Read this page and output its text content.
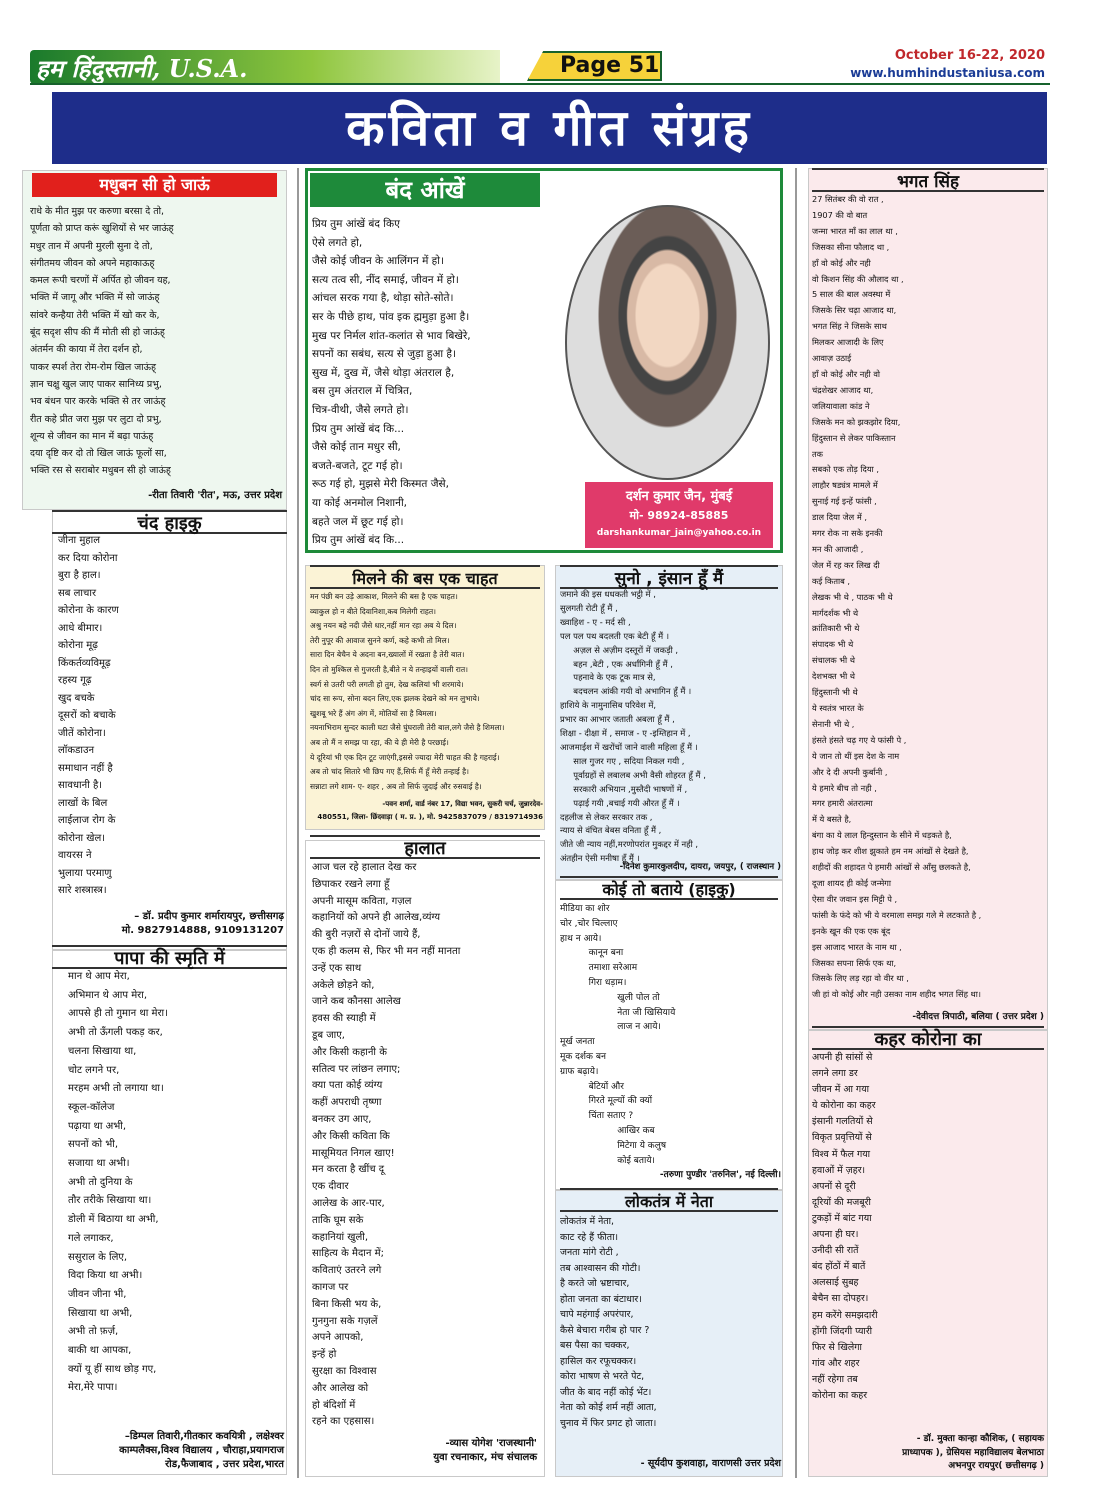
हम हिंदुस्तानी, U.S.A.	Page 51	October 16-22, 2020
www.humhindustaniusa.com
कविता व गीत संग्रह
मधुबन सी हो जाऊं
राधे के मीत मुझ पर करुणा बरसा दे तो,
पूर्णता को प्राप्त करूं खुशियों से भर जाऊंह्
मधुर तान में अपनी मुरली सुना दे तो,
संगीतमय जीवन को अपने महाकाऊह्
कमल रूपी चरणों में अर्पित हो जीवन यह,
भक्ति में जागू और भक्ति में सो जाऊंह्
सांवरे कन्हैया तेरी भक्ति में खो कर के,
बूंद सदृश सीप की मैं मोती सी हो जाऊंह्
अंतर्मन की काया में तेरा दर्शन हो,
पाकर स्पर्श तेरा रोम-रोम खिल जाऊंह्
ज्ञान चक्षु खुल जाए पाकर सानिध्य प्रभु,
भव बंधन पार करके भक्ति से तर जाऊंह्
रीत कहे प्रीत जरा मुझ पर लुटा दो प्रभु,
शून्य से जीवन का मान में बढ़ा पाऊंह्
दया दृष्टि कर दो तो खिल जाऊं फूलों सा,
भक्ति रस से सराबोर मधुबन सी हो जाऊंह्
-रीता तिवारी 'रीत', मऊ, उत्तर प्रदेश
चंद हाइकु
जीना मुहाल
कर दिया कोरोना
बुरा है हाल।
सब लाचार
कोरोना के कारण
आधे बीमार।
कोरोना मूढ़
किंकर्तव्यविमूढ़
रहस्य गूढ़
खुद बचके
दूसरों को बचाके
जीतें कोरोना।
लॉकडाउन
समाधान नहीं है
सावधानी है।
लाखों के बिल
लाईलाज रोग के
कोरोना खेल।
वायरस ने
भुलाया परमाणु
सारे शस्त्रास्त्र।
– डॉ. प्रदीप कुमार शर्मारायपुर, छत्तीसगढ़
मो. 9827914888, 9109131207
पापा की स्मृति में
मान थे आप मेरा,
अभिमान थे आप मेरा,
आपसे ही तो गुमान था मेरा।
अभी तो ऊँगली पकड़ कर,
चलना सिखाया था,
चोट लगने पर,
मरहम अभी तो लगाया था।
स्कूल-कॉलेज
पढ़ाया था अभी,
सपनों को भी,
सजाया था अभी।
अभी तो दुनिया के
तौर तरीके सिखाया था।
डोली में बिठाया था अभी,
गले लगाकर,
ससुराल के लिए,
विदा किया था अभी।
जीवन जीना भी,
सिखाया था अभी,
अभी तो फ़र्ज़,
बाकी था आपका,
क्यों यू हीं साथ छोड़ गए,
मेरा,मेरे पापा।
–डिम्पल तिवारी,गीतकार कवयित्री , लक्षेश्वर
काम्पलैक्स,विश्व विद्यालय , चौराहा,प्रयागराज
रोड,फैजाबाद , उत्तर प्रदेश,भारत
बंद आंखें
प्रिय तुम आंखें बंद किए
ऐसे लगते हो,
जैसे कोई जीवन के आलिंगन में हो।
सत्य तत्व सी, नींद समाई, जीवन में हो।
आंचल सरक गया है, थोड़ा सोते-सोते।
सर के पीछे हाथ, पांव इक ह्ममुड़ा हुआ है।
मुख पर निर्मल शांत-कलांत से भाव बिखेरे,
सपनों का सबंध, सत्य से जुड़ा हुआ है।
सुख में, दुख में, जैसे थोड़ा अंतराल है,
बस तुम अंतराल में चित्रित,
चित्र-वीथी, जैसे लगते हो।
प्रिय तुम आंखें बंद कि...
जैसे कोई तान मधुर सी,
बजते-बजते, टूट गई हो।
रूठ गई हो, मुझसे मेरी किस्मत जैसे,
या कोई अनमोल निशानी,
बहते जल में छूट गई हो।
प्रिय तुम आंखें बंद कि...
दर्शन कुमार जैन, मुंबई
मो- 98924-85885
darshankumar_jain@yahoo.co.in
मिलने की बस एक चाहत
मन पंछी बन उड़े आकाश, मिलने की बस है एक चाहत।
व्याकुल हो न बीते दिवानिशा,कब मिलेगी राहत।
अश्रु नयन बहे नदी जैसे धार,नहीं मान रहा अब ये दिल।
तेरी नुपूर की आवाज सुनने कर्ण, कहे कभी तो मिल।
सारा दिन बेचैन ये अदना बन,ख्यालों में रखता है तेरी बात।
दिन तो मुश्किल से गुजरती है,बीते न ये तन्हाइयों वाली रात।
स्वर्ग से उतरी परी लगती हो तुम, देख कलियां भी शरमाये।
चांद सा रूप, सोना बदन लिए,एक झलक देखने को मन लुभाये।
खुशबू भरे हैं अंग अंग में, मोतियों सा है बिमला।
नयनाभिराम सुन्दर काली घटा जैसे घुंघराली तेरी बाल,लगे जैसे है शिमला।
अब तो मैं न समझ पा रहा, की ये ही मेरी है परछाई।
ये दूरियां भी एक दिन टूट जाएंगी,इससे ज्यादा मेरी चाहत की है गहराई।
अब तो चांद सितारे भी छिप गए हैं,सिर्फ मैं हूँ मेरी तन्हाई है।
सन्नाटा लगे शाम- ए- शहर , अब तो सिर्फ जुदाई और रुसवाई है।
-पवन शर्मा, वार्ड नंबर 17, विद्या भवन, सुकरी चर्च, जुन्नारदेव-
480551, जिला- छिंदवाड़ा ( म. प्र. ), मो. 9425837079 / 8319714936
हालात
आज चल रहे हालात देख कर
छिपाकर रखने लगा हूँ
अपनी मासूम कविता, गज़ल
कहानियों को अपने ही आलेख,व्यंग्य
की बुरी नज़रों से दोनों जाये हैं,
एक ही कलम से, फिर भी मन नहीं मानता
उन्हें एक साथ
अकेले छोड़ने को,
जाने कब कौनसा आलेख
हवस की स्याही में
डूब जाए,
और किसी कहानी के
सतित्व पर लांछन लगाए;
क्या पता कोई व्यंग्य
कहीं अपराधी तृष्णा
बनकर उग आए,
और किसी कविता कि
मासूमियत निगल खाए!
मन करता है खींच दू
एक दीवार
आलेख के आर-पार,
ताकि घूम सके
कहानियां खुली,
साहित्य के मैदान में;
कविताएं उतरने लगे
कागज पर
बिना किसी भय के,
गुनगुना सके गज़लें
अपने आपको,
इन्हें हो
सुरक्षा का विश्वास
और आलेख को
हो बंदिशों में
रहने का एहसास।
-व्यास योगेश 'राजस्थानी'
युवा रचनाकार, मंच संचालक
सुनो , इंसान हूँ मैं
जमाने की इस धधकती भट्ठी में ,
सुलगती रोटी हूँ मैं ,
ख्वाहिश - ए - मर्द सी ,
पल पल पथ बदलती एक बेटी हूँ मैं ।
अज़ल से अज़ीम दस्तूरों में जकड़ी ,
बहन ,बेटी , एक अर्धांगिनी हूँ मैं ,
पहनावे के एक टूक मात्र से,
बदचलन आंकी गयी वो अभागिन हूँ मैं ।
हाशिये के नामुनासिब परिवेश में,
प्रभार का आभार जताती अबला हूँ मैं ,
शिक्षा - दीक्षा में , समाज - ए -इम्तिहान में ,
आजमाईश में खरोंचों जाने वाली महिला हूँ मैं ।
साल गुजर गए , सदिया निकल गयी ,
पूर्वाग्रहों से लबालब अभी वैसी शोहरत हूँ मैं ,
सरकारी अभियान ,मुस्तैदी भाषणों में ,
पढ़ाई गयी ,बचाई गयी औरत हूँ मैं ।
दहलीज से लेकर सरकार तक ,
न्याय से वंचित बेबस वनिता हूँ मैं ,
जीते जी न्याय नहीं,मरणोपरांत मुकद्दर में नही ,
अंतहीन ऐसी मनीषा हूँ मैं ।
-दिनेश कुमारकुलदीप, दायरा, जयपुर, ( राजस्थान )
कोई तो बताये (हाइकु)
मीडिया का शोर
चोर ,चोर चिल्लाए
हाथ न आये।
कानून बना
तमाशा सरेआम
गिरा धड़ाम।
खुली पोल तो
नेता जी खिसियाये
लाज न आये।
मूर्ख जनता
मूक दर्शक बन
ग्राफ बढ़ाये।
बेटियों और
गिरते मूल्यों की क्यों
चिंता सताए ?
आखिर कब
मिटेगा ये कलुष
कोई बताये।
-तरुणा पुण्डीर 'तरुनिल', नई दिल्ली।
लोकतंत्र में नेता
लोकतंत्र में नेता,
काट रहे हैं फीता।
जनता मांगे रोटी ,
तब आश्वासन की गोटी।
है करते जो भ्रष्टाचार,
होता जनता का बंटाधार।
चापे महंगाई अपरंपार,
कैसे बेचारा गरीब हो पार ?
बस पैसा का चक्कर,
हासिल कर रफूचक्कर।
कोरा भाषण से भरते पेट,
जीत के बाद नहीं कोई भेंट।
नेता को कोई शर्म नहीं आता,
चुनाव में फिर प्रगट हो जाता।
- सूर्यदीप कुशवाहा, वाराणसी उत्तर प्रदेश
भगत सिंह
27 सितंबर की वो रात ,
1907 की वो बात
जन्मा भारत माँ का लाल था ,
जिसका सीना फौलाद था ,
हाँ वो कोई और नही
वो किशन सिंह की औलाद था ,
5 साल की बाल अवस्था में
जिसके सिर चढ़ा आजाद था,
भगत सिंह ने जिसके साथ
मिलकर आजादी के लिए
आवाज़ उठाई
हाँ वो कोई और नही वो
चंद्रशेखर आजाद था,
जलियावाला कांड ने
जिसके मन को झकझोर दिया,
हिंदुस्तान से लेकर पाकिस्तान
तक
सबको एक तोड़ दिया ,
लाहौर षड्यंत्र मामले में
सुनाई गई इन्हें फांसी ,
डाल दिया जेल में ,
मगर रोक ना सके इनकी
मन की आजादी ,
जेल में रह कर लिख दी
कई किताब ,
लेखक भी थे , पाठक भी थे
मार्गदर्शक भी थे
क्रांतिकारी भी थे
संपादक भी थे
संचालक भी थे
देशभक्त भी थे
हिंदुस्तानी भी थे
ये स्वतंत्र भारत के
सेनानी भी थे ,
हंसते हंसते चढ़ गए ये फांसी पे ,
ये जान तो थीं इस देश के नाम
और दे दी अपनी कुर्बानी ,
ये हमारे बीच तो नही ,
मगर हमारी अंतरात्मा
में ये बसते है,
बंगा का ये लाल हिन्दुस्तान के सीने में धड़कते है,
हाथ जोड़ कर शीश झुकाते हम नम आंखों से देखते है,
शहीदों की शहादत पे हमारी आंखों से आँसु छलकते है,
दूजा शायद ही कोई जन्मेगा
ऐसा वीर जवान इस मिट्टी पे ,
फांसी के फंदे को भी ये वरमाला समझ गले मे लटकाते है ,
इनके खून की एक एक बूंद
इस आजाद भारत के नाम था ,
जिसका सपना सिर्फ एक था,
जिसके लिए लड़ रहा वो वीर था ,
जी हां वो कोई और नही उसका नाम शहीद भगत सिंह था।
-देवीदत्त त्रिपाठी, बलिया ( उत्तर प्रदेश )
कहर कोरोना का
अपनी ही सांसों से
लगने लगा डर
जीवन में आ गया
ये कोरोना का कहर
इंसानी गलतियों से
विकृत प्रवृत्तियों से
विश्व में फैल गया
हवाओं में ज़हर।
अपनों से दूरी
दूरियों की मजबूरी
टुकड़ों में बांट गया
अपना ही घर।
उनीदी सी रातें
बंद होंठों में बातें
अलसाई सुबह
बेचैन सा दोपहर।
हम करेंगे समझदारी
होंगी जिंदगी प्यारी
फिर से खिलेगा
गांव और शहर
नहीं रहेगा तब
कोरोना का कहर
- डॉ. मुक्ता कान्हा कौशिक, ( सहायक
प्राध्यापक ), ग्रेसियस महाविद्यालय बेलभाठा
अभनपुर रायपुर( छत्तीसगढ़ )
